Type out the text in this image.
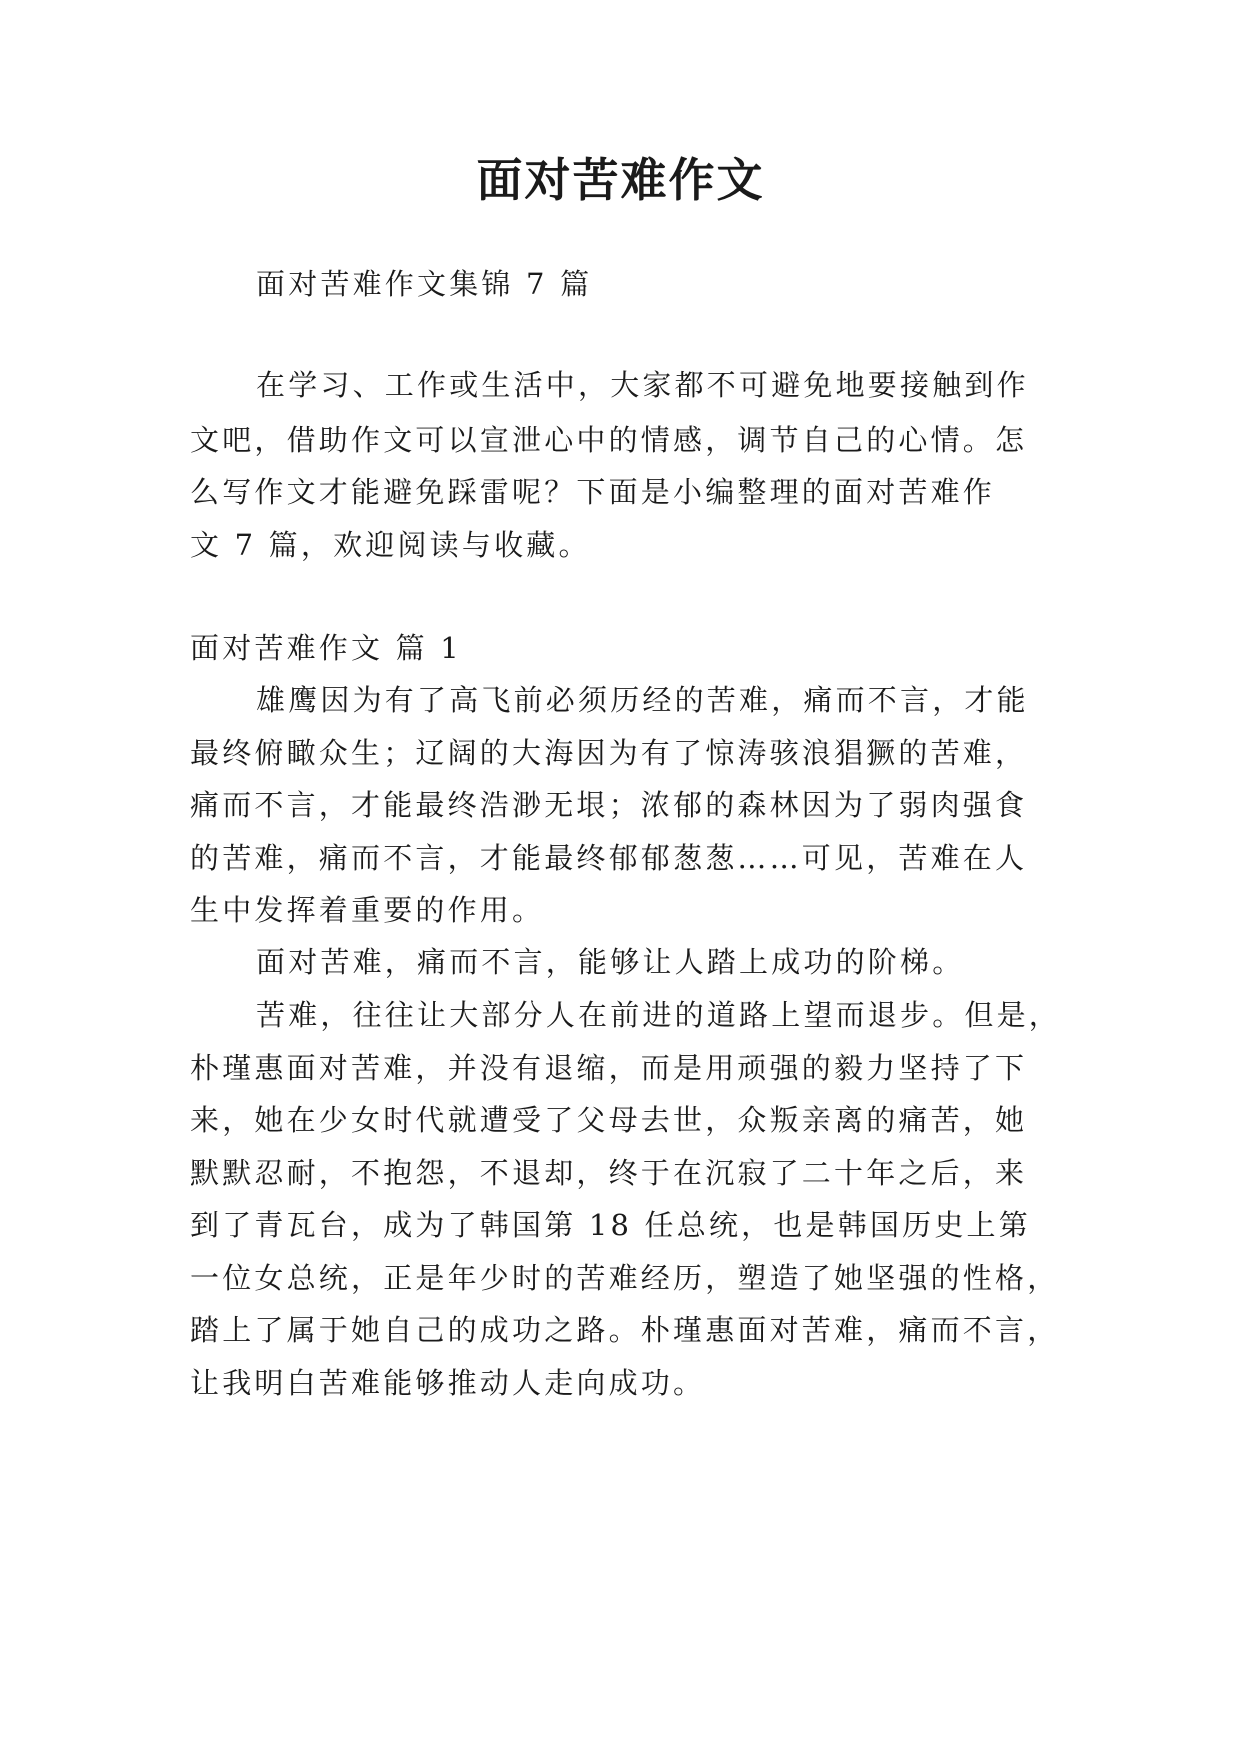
面对苦难作文
面对苦难作文集锦 7 篇
在学习、工作或生活中，大家都不可避免地要接触到作
文吧，借助作文可以宣泄心中的情感，调节自己的心情。怎
么写作文才能避免踩雷呢？下面是小编整理的面对苦难作
文 7 篇，欢迎阅读与收藏。
面对苦难作文 篇 1
雄鹰因为有了高飞前必须历经的苦难，痛而不言，才能
最终俯瞰众生；辽阔的大海因为有了惊涛骇浪猖獗的苦难，
痛而不言，才能最终浩渺无垠；浓郁的森林因为了弱肉强食
的苦难，痛而不言，才能最终郁郁葱葱……可见，苦难在人
生中发挥着重要的作用。
面对苦难，痛而不言，能够让人踏上成功的阶梯。
苦难，往往让大部分人在前进的道路上望而退步。但是，
朴瑾惠面对苦难，并没有退缩，而是用顽强的毅力坚持了下
来，她在少女时代就遭受了父母去世，众叛亲离的痛苦，她
默默忍耐，不抱怨，不退却，终于在沉寂了二十年之后，来
到了青瓦台，成为了韩国第 18 任总统，也是韩国历史上第
一位女总统，正是年少时的苦难经历，塑造了她坚强的性格，
踏上了属于她自己的成功之路。朴瑾惠面对苦难，痛而不言，
让我明白苦难能够推动人走向成功。
